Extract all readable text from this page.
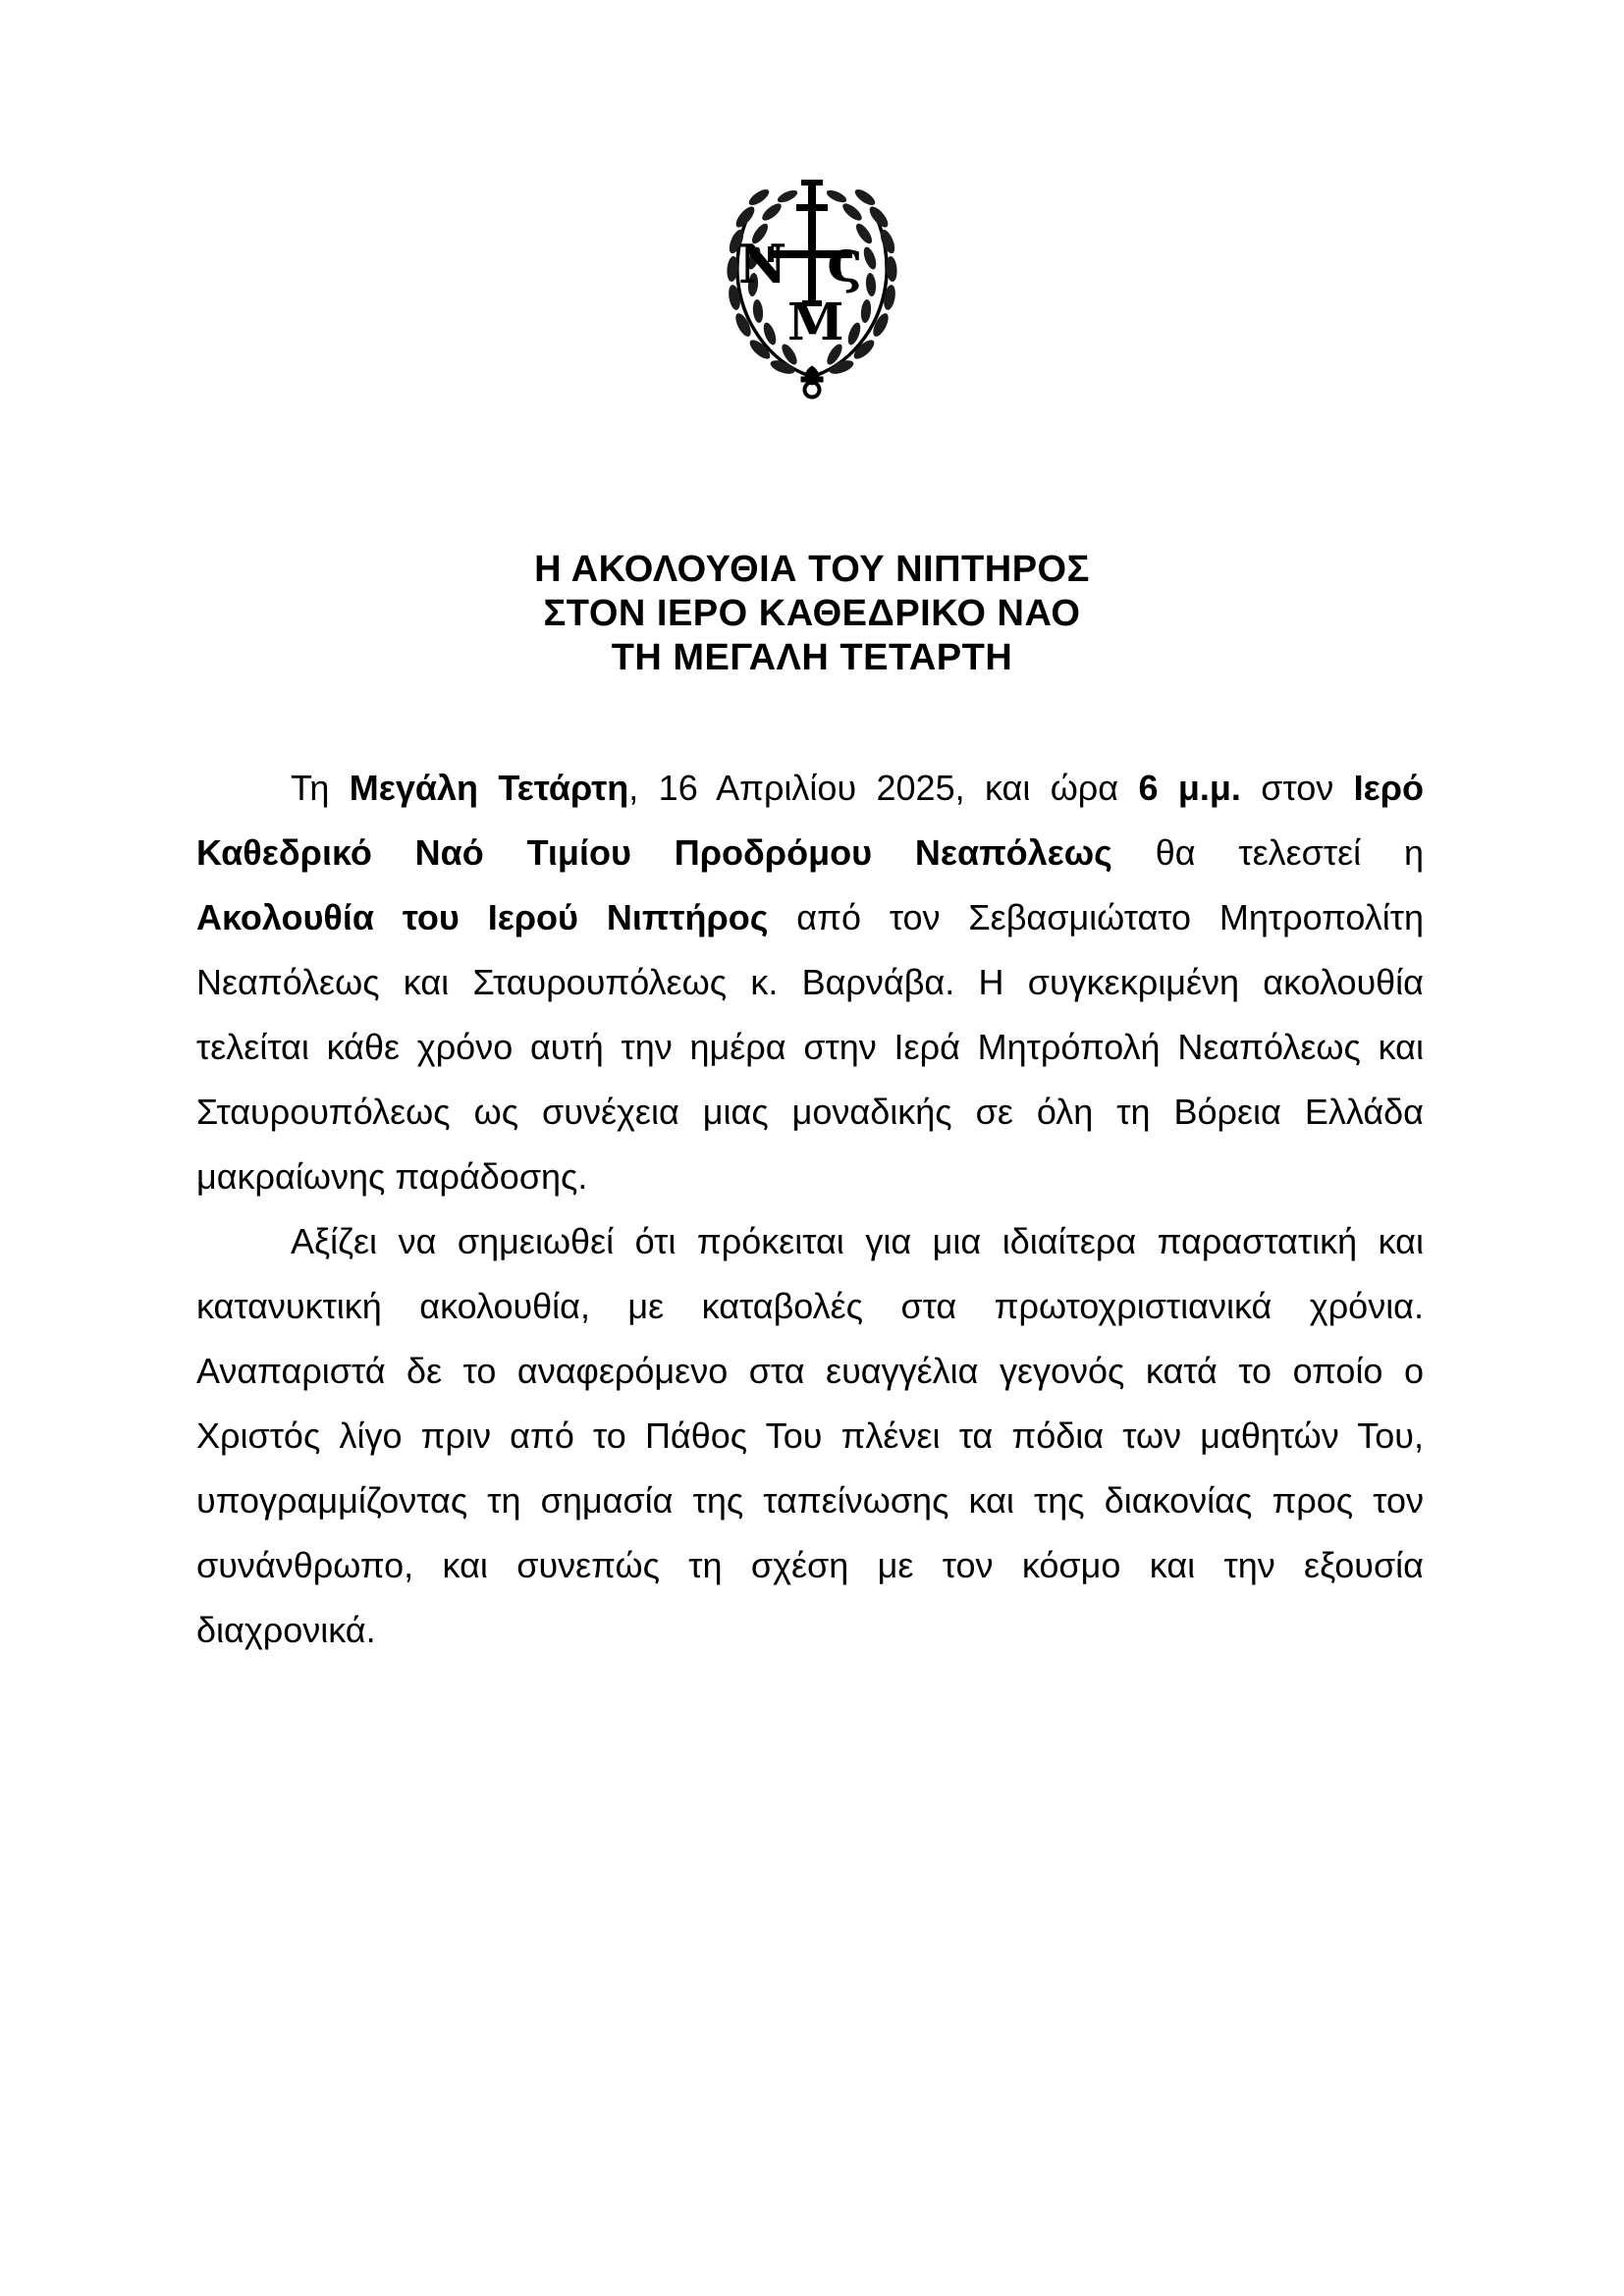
Ν ς
Μ
Η ΑΚΟΛΟΥΘΙΑ ΤΟΥ ΝΙΠΤΗΡΟΣ
ΣΤΟΝ ΙΕΡΟ ΚΑΘΕΔΡΙΚΟ ΝΑΟ
ΤΗ ΜΕΓΑΛΗ ΤΕΤΑΡΤΗ
Τη Μεγάλη Τετάρτη, 16 Απριλίου 2025, και ώρα 6 μ.μ. στον Ιερό
Καθεδρικό Ναό Τιμίου Προδρόμου Νεαπόλεως θα τελεστεί η
Ακολουθία του Ιερού Νιπτήρος από τον Σεβασμιώτατο Μητροπολίτη
Νεαπόλεως και Σταυρουπόλεως κ. Βαρνάβα. Η συγκεκριμένη ακολουθία
τελείται κάθε χρόνο αυτή την ημέρα στην Ιερά Μητρόπολή Νεαπόλεως και
Σταυρουπόλεως ως συνέχεια μιας μοναδικής σε όλη τη Βόρεια Ελλάδα
μακραίωνης παράδοσης.
Αξίζει να σημειωθεί ότι πρόκειται για μια ιδιαίτερα παραστατική και
κατανυκτική ακολουθία, με καταβολές στα πρωτοχριστιανικά χρόνια.
Αναπαριστά δε το αναφερόμενο στα ευαγγέλια γεγονός κατά το οποίο ο
Χριστός λίγο πριν από το Πάθος Του πλένει τα πόδια των μαθητών Του,
υπογραμμίζοντας τη σημασία της ταπείνωσης και της διακονίας προς τον
συνάνθρωπο, και συνεπώς τη σχέση με τον κόσμο και την εξουσία
διαχρονικά.
